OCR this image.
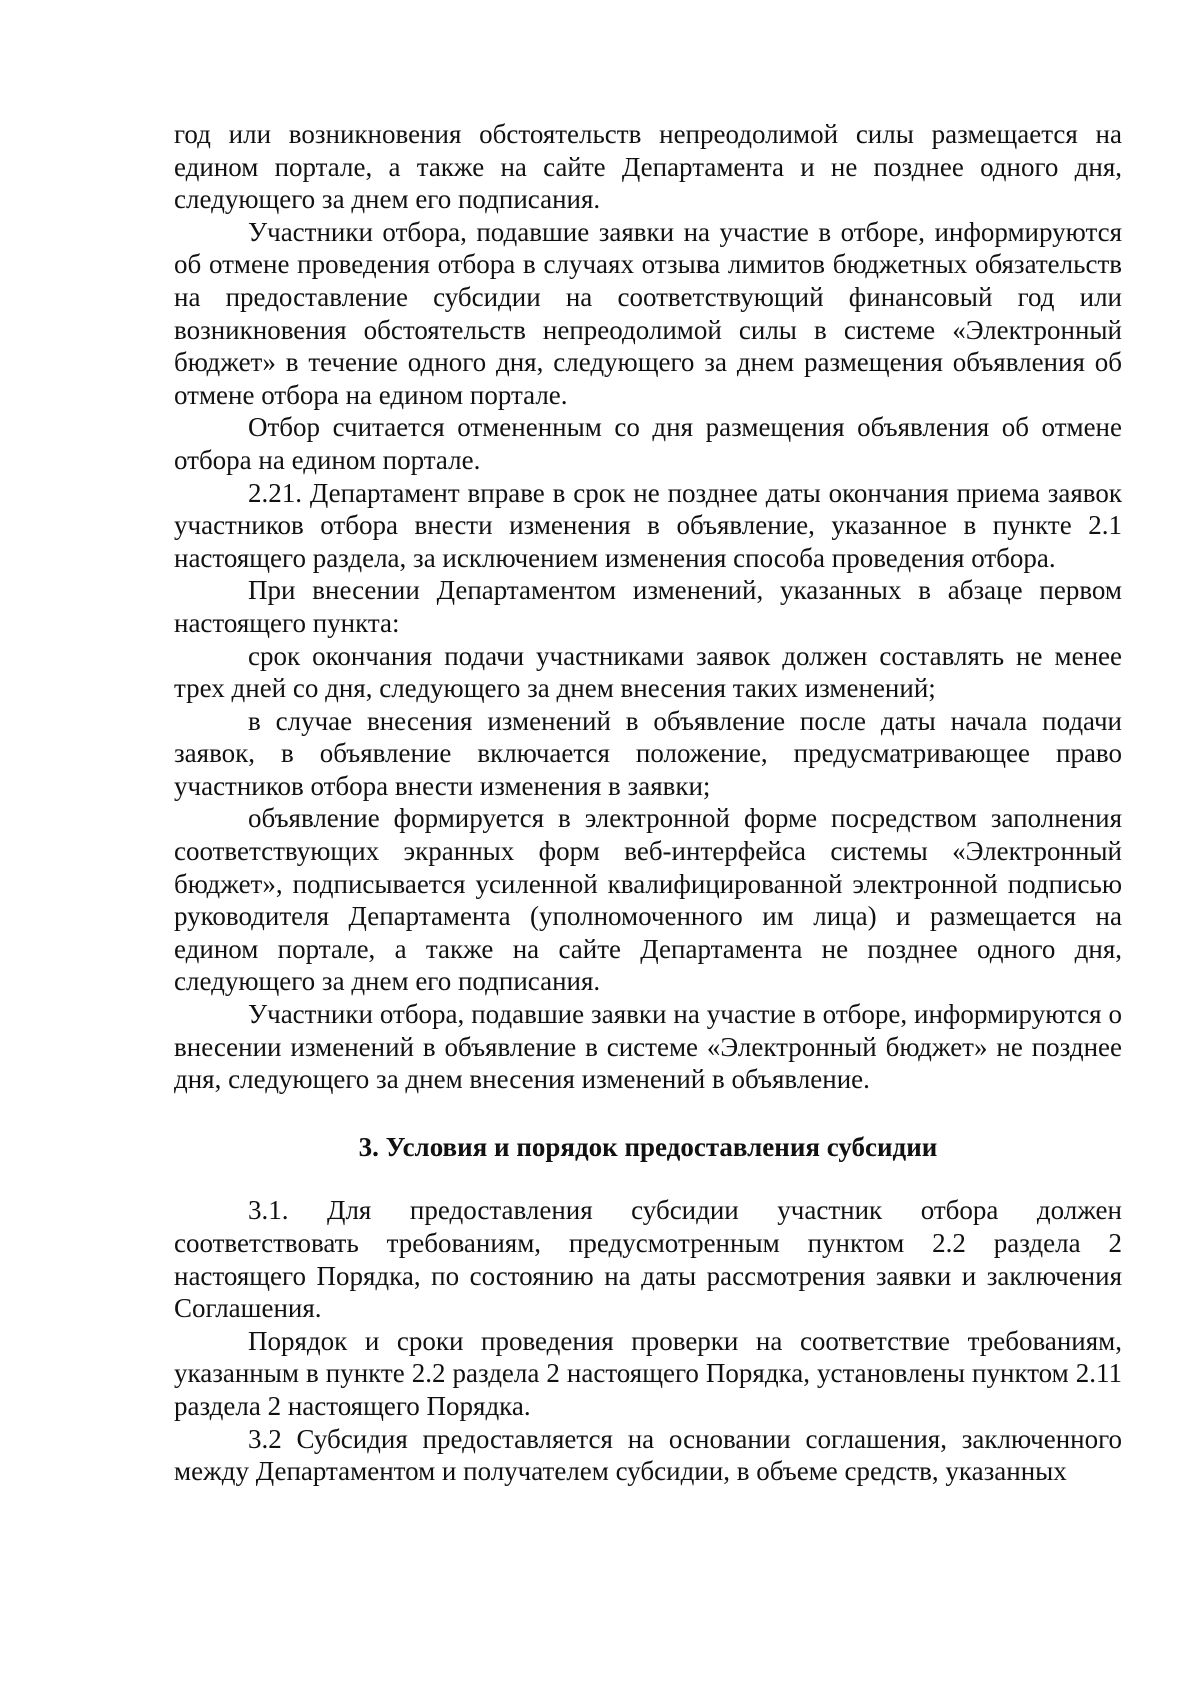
год или возникновения обстоятельств непреодолимой силы размещается на едином портале, а также на сайте Департамента и не позднее одного дня, следующего за днем его подписания.

Участники отбора, подавшие заявки на участие в отборе, информируются об отмене проведения отбора в случаях отзыва лимитов бюджетных обязательств на предоставление субсидии на соответствующий финансовый год или возникновения обстоятельств непреодолимой силы в системе «Электронный бюджет» в течение одного дня, следующего за днем размещения объявления об отмене отбора на едином портале.

Отбор считается отмененным со дня размещения объявления об отмене отбора на едином портале.

2.21. Департамент вправе в срок не позднее даты окончания приема заявок участников отбора внести изменения в объявление, указанное в пункте 2.1 настоящего раздела, за исключением изменения способа проведения отбора.

При внесении Департаментом изменений, указанных в абзаце первом настоящего пункта:

срок окончания подачи участниками заявок должен составлять не менее трех дней со дня, следующего за днем внесения таких изменений;

в случае внесения изменений в объявление после даты начала подачи заявок, в объявление включается положение, предусматривающее право участников отбора внести изменения в заявки;

объявление формируется в электронной форме посредством заполнения соответствующих экранных форм веб-интерфейса системы «Электронный бюджет», подписывается усиленной квалифицированной электронной подписью руководителя Департамента (уполномоченного им лица) и размещается на едином портале, а также на сайте Департамента не позднее одного дня, следующего за днем его подписания.

Участники отбора, подавшие заявки на участие в отборе, информируются о внесении изменений в объявление в системе «Электронный бюджет» не позднее дня, следующего за днем внесения изменений в объявление.

3. Условия и порядок предоставления субсидии

3.1. Для предоставления субсидии участник отбора должен соответствовать требованиям, предусмотренным пунктом 2.2 раздела 2 настоящего Порядка, по состоянию на даты рассмотрения заявки и заключения Соглашения.

Порядок и сроки проведения проверки на соответствие требованиям, указанным в пункте 2.2 раздела 2 настоящего Порядка, установлены пунктом 2.11 раздела 2 настоящего Порядка.

3.2 Субсидия предоставляется на основании соглашения, заключенного между Департаментом и получателем субсидии, в объеме средств, указанных
